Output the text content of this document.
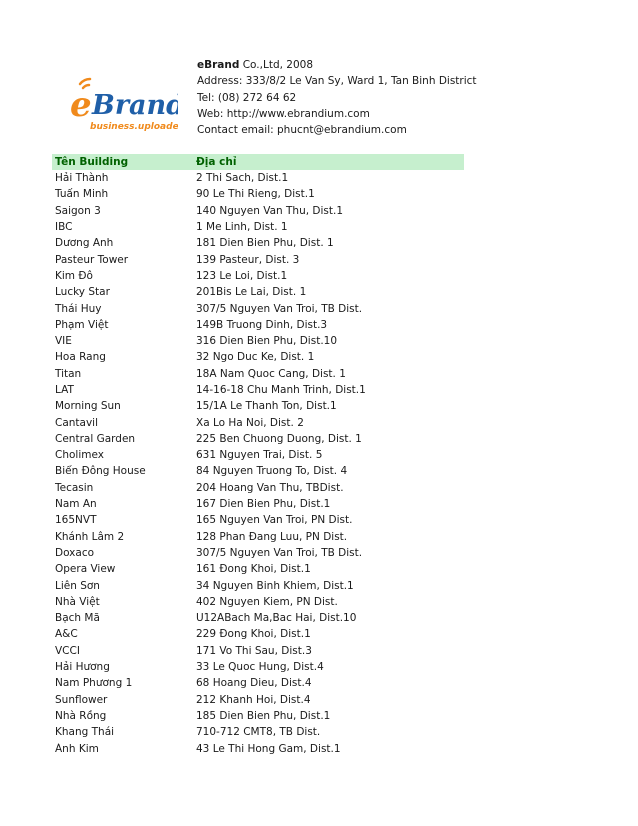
e Brand
business.uploader
eBrand Co.,Ltd, 2008
Address: 333/8/2 Le Van Sy, Ward 1, Tan Binh District
Tel: (08) 272 64 62
Web: http://www.ebrandium.com
Contact email: phucnt@ebrandium.com
Tên Building	Địa chỉ
Hải Thành	2 Thi Sach, Dist.1
Tuấn Minh	90 Le Thi Rieng, Dist.1
Saigon 3	140 Nguyen Van Thu, Dist.1
IBC	1 Me Linh, Dist. 1
Dương Anh	181 Dien Bien Phu, Dist. 1
Pasteur Tower	139 Pasteur, Dist. 3
Kim Đô	123 Le Loi, Dist.1
Lucky Star	201Bis Le Lai, Dist. 1
Thái Huy	307/5 Nguyen Van Troi, TB Dist.
Phạm Việt	149B Truong Dinh, Dist.3
VIE	316 Dien Bien Phu, Dist.10
Hoa Rang	32 Ngo Duc Ke, Dist. 1
Titan	18A Nam Quoc Cang, Dist. 1
LAT	14-16-18 Chu Manh Trinh, Dist.1
Morning Sun	15/1A Le Thanh Ton, Dist.1
Cantavil	Xa Lo Ha Noi, Dist. 2
Central Garden	225 Ben Chuong Duong, Dist. 1
Cholimex	631 Nguyen Trai, Dist. 5
Biển Đông House	84 Nguyen Truong To, Dist. 4
Tecasin	204 Hoang Van Thu, TBDist.
Nam An	167 Dien Bien Phu, Dist.1
165NVT	165 Nguyen Van Troi, PN Dist.
Khánh Lâm 2	128 Phan Đang Luu, PN Dist.
Doxaco	307/5 Nguyen Van Troi, TB Dist.
Opera View	161 Đong Khoi, Dist.1
Liên Sơn	34 Nguyen Binh Khiem, Dist.1
Nhà Việt	402 Nguyen Kiem, PN Dist.
Bạch Mã	U12ABach Ma,Bac Hai, Dist.10
A&C	229 Đong Khoi, Dist.1
VCCI	171 Vo Thi Sau, Dist.3
Hải Hương	33 Le Quoc Hung, Dist.4
Nam Phương 1	68 Hoang Dieu, Dist.4
Sunflower	212 Khanh Hoi, Dist.4
Nhà Rồng	185 Dien Bien Phu, Dist.1
Khang Thái	710-712 CMT8, TB Dist.
Ánh Kim	43 Le Thi Hong Gam, Dist.1
